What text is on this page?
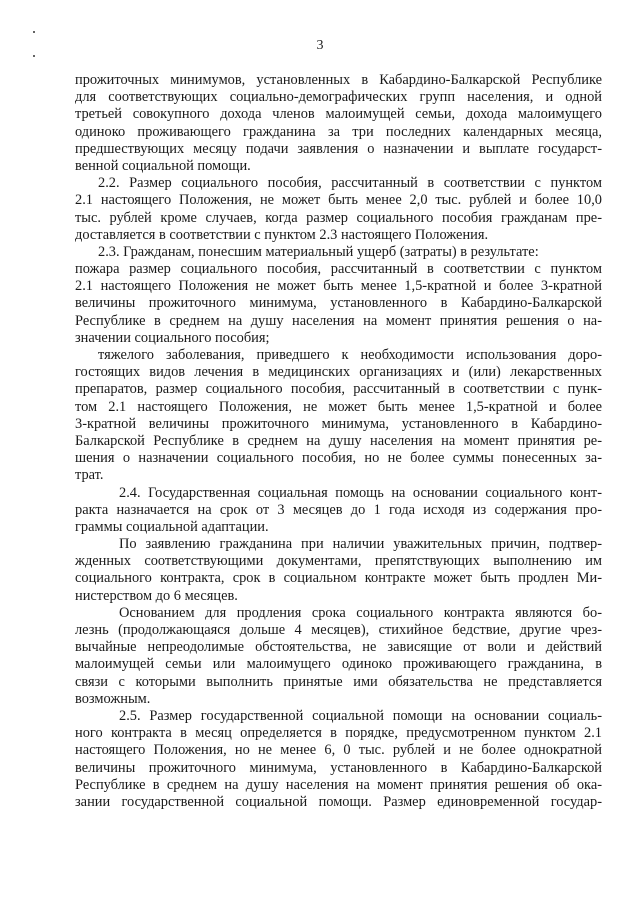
3
прожиточных минимумов, установленных в Кабардино-Балкарской Республике
для соответствующих социально-демографических групп населения, и одной
третьей совокупного дохода членов малоимущей семьи, дохода малоимущего
одиноко проживающего гражданина за три последних календарных месяца,
предшествующих месяцу подачи заявления о назначении и выплате государст-
венной социальной помощи.
2.2. Размер социального пособия, рассчитанный в соответствии с пунктом
2.1 настоящего Положения, не может быть менее 2,0 тыс. рублей и более 10,0
тыс. рублей кроме случаев, когда размер социального пособия гражданам пре-
доставляется в соответствии с пунктом 2.3 настоящего Положения.
2.3. Гражданам, понесшим материальный ущерб (затраты) в результате:
пожара размер социального пособия, рассчитанный в соответствии с пунктом
2.1 настоящего Положения не может быть менее 1,5-кратной и более 3-кратной
величины прожиточного минимума, установленного в Кабардино-Балкарской
Республике в среднем на душу населения на момент принятия решения о на-
значении социального пособия;
тяжелого заболевания, приведшего к необходимости использования доро-
гостоящих видов лечения в медицинских организациях и (или) лекарственных
препаратов, размер социального пособия, рассчитанный в соответствии с пунк-
том 2.1 настоящего Положения, не может быть менее 1,5-кратной и более
3-кратной величины прожиточного минимума, установленного в Кабардино-
Балкарской Республике в среднем на душу населения на момент принятия ре-
шения о назначении социального пособия, но не более суммы понесенных за-
трат.
2.4. Государственная социальная помощь на основании социального конт-
ракта назначается на срок от 3 месяцев до 1 года исходя из содержания про-
граммы социальной адаптации.
По заявлению гражданина при наличии уважительных причин, подтвер-
жденных соответствующими документами, препятствующих выполнению им
социального контракта, срок в социальном контракте может быть продлен Ми-
нистерством до 6 месяцев.
Основанием для продления срока социального контракта являются бо-
лезнь (продолжающаяся дольше 4 месяцев), стихийное бедствие, другие чрез-
вычайные непреодолимые обстоятельства, не зависящие от воли и действий
малоимущей семьи или малоимущего одиноко проживающего гражданина, в
связи с которыми выполнить принятые ими обязательства не представляется
возможным.
2.5. Размер государственной социальной помощи на основании социаль-
ного контракта в месяц определяется в порядке, предусмотренном пунктом 2.1
настоящего Положения, но не менее 6, 0 тыс. рублей и не более однократной
величины прожиточного минимума, установленного в Кабардино-Балкарской
Республике в среднем на душу населения на момент принятия решения об ока-
зании государственной социальной помощи. Размер единовременной государ-
